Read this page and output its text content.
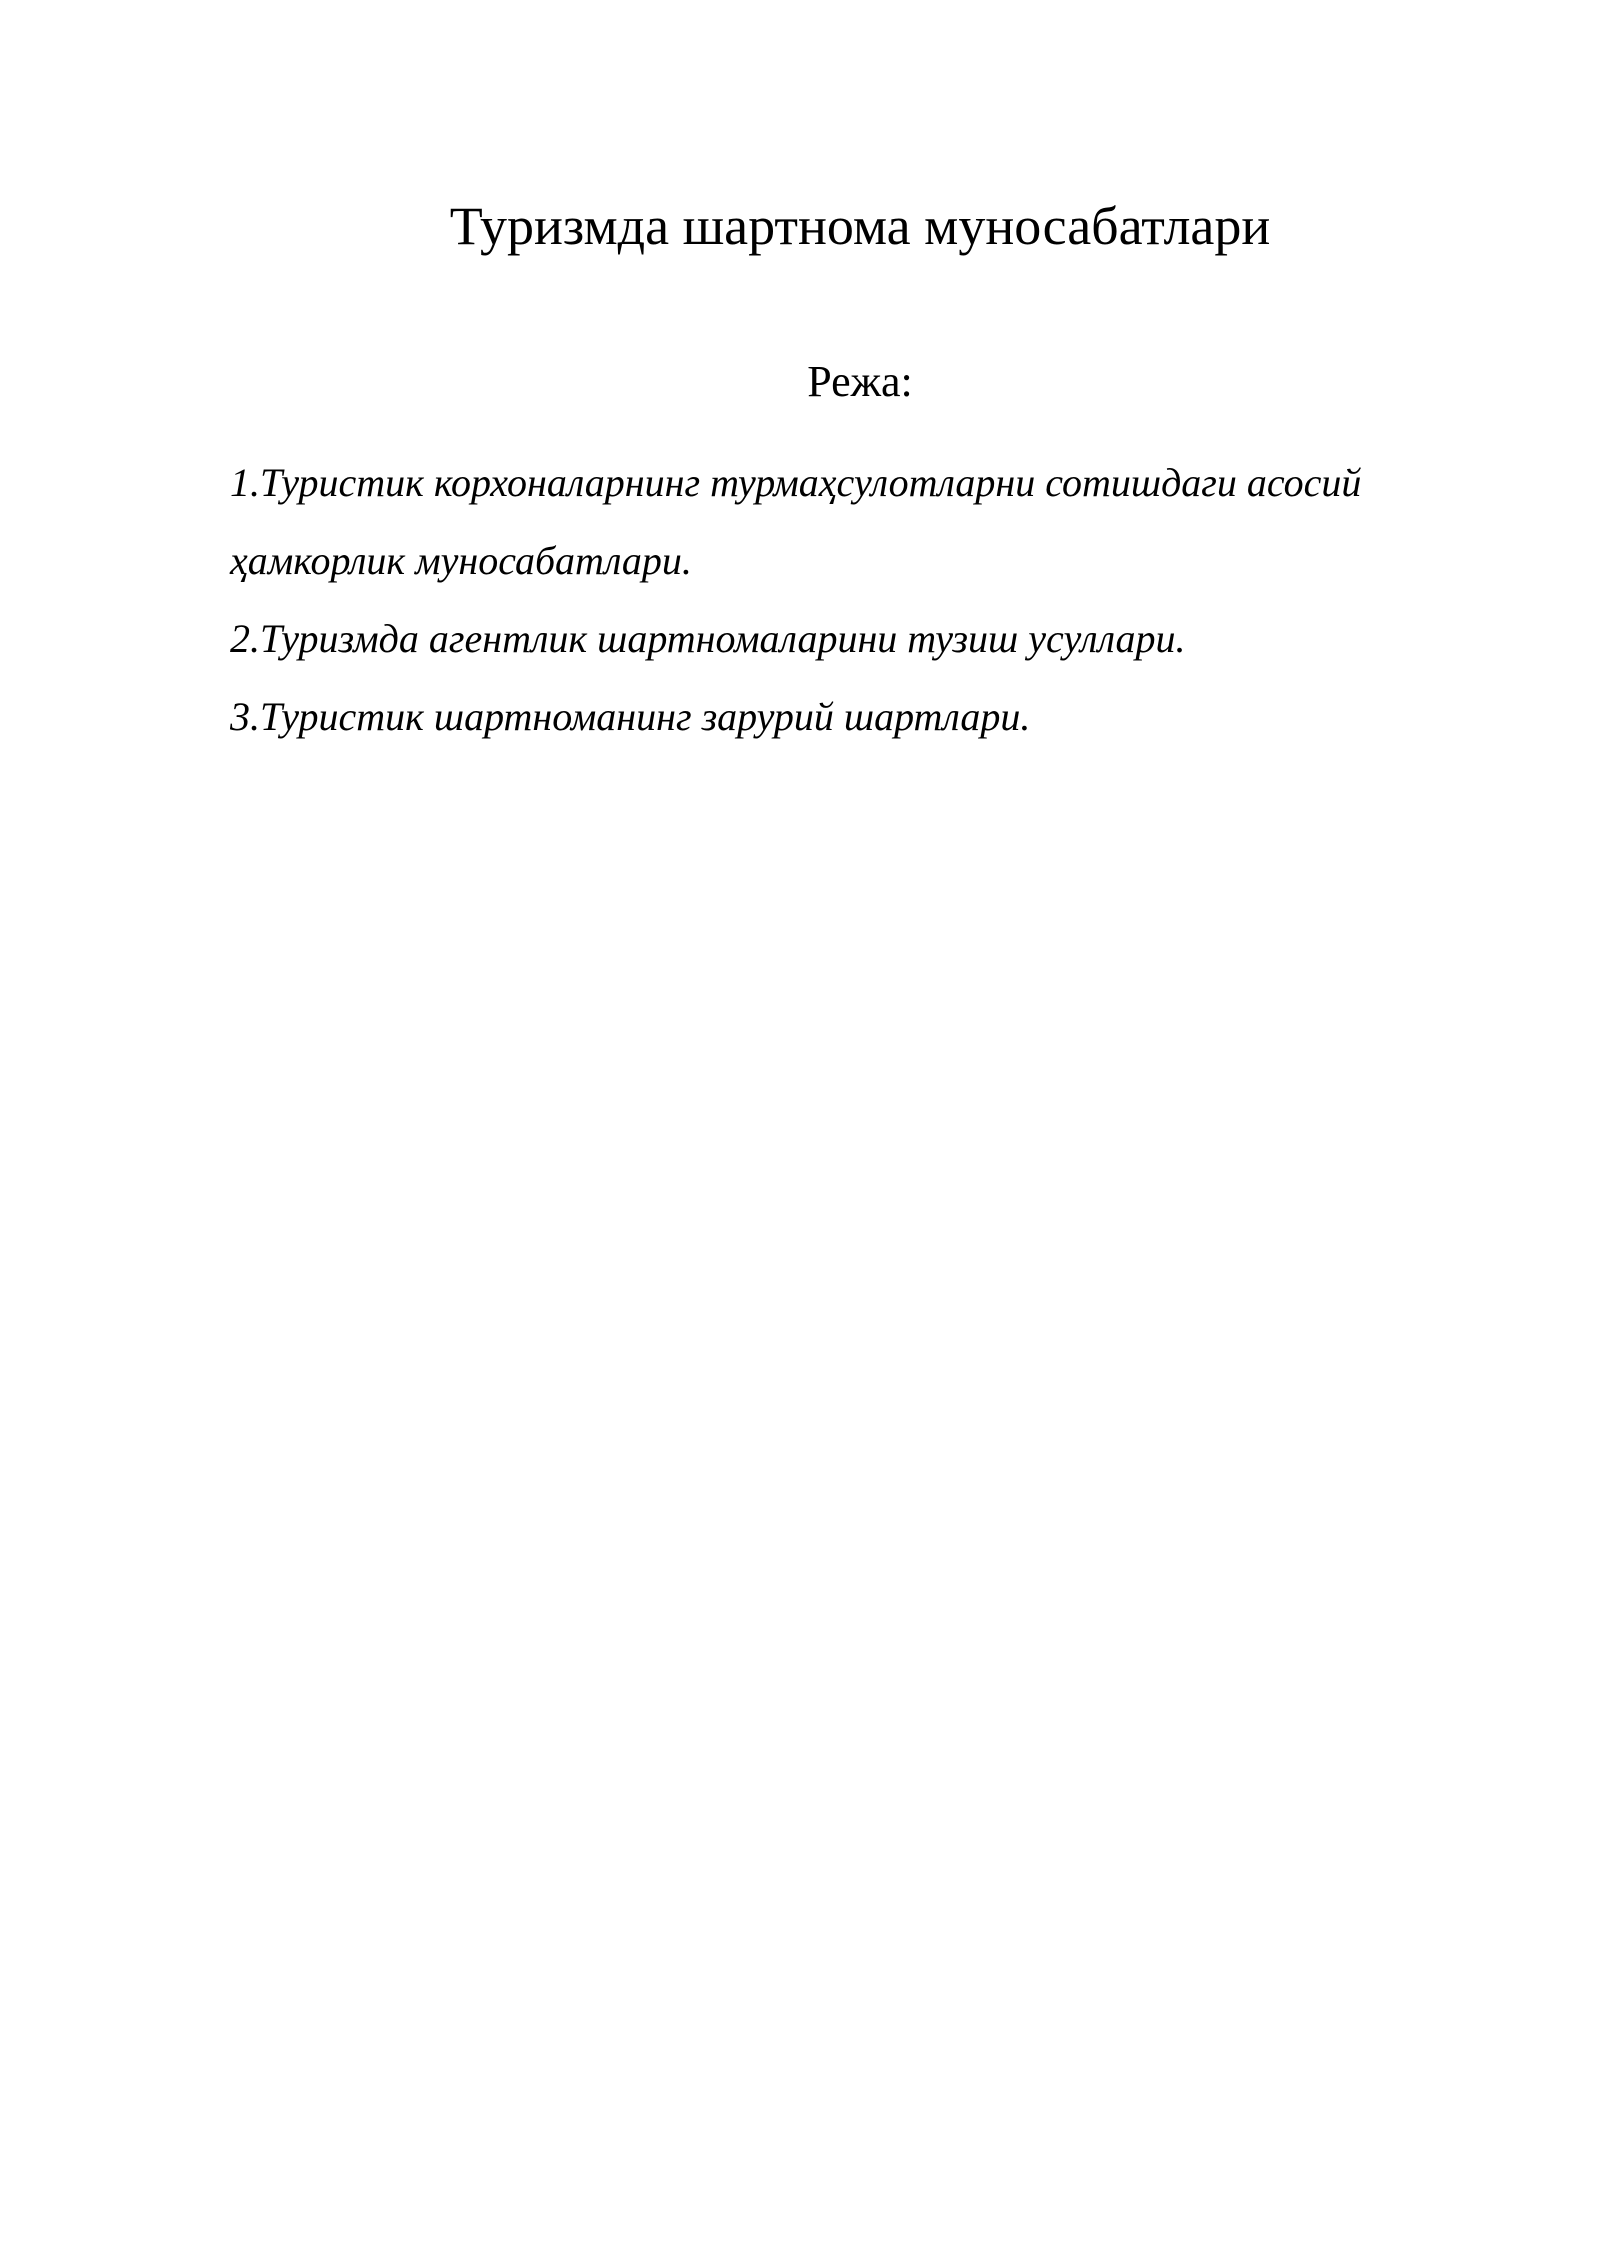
Туризмда шартнома муносабатлари
Режа:
1.Туристик корхоналарнинг турмаҳсулотларни сотишдаги асосий
ҳамкорлик муносабатлари.
2.Туризмда агентлик шартномаларини тузиш усуллари.
3.Туристик шартноманинг зарурий шартлари.
